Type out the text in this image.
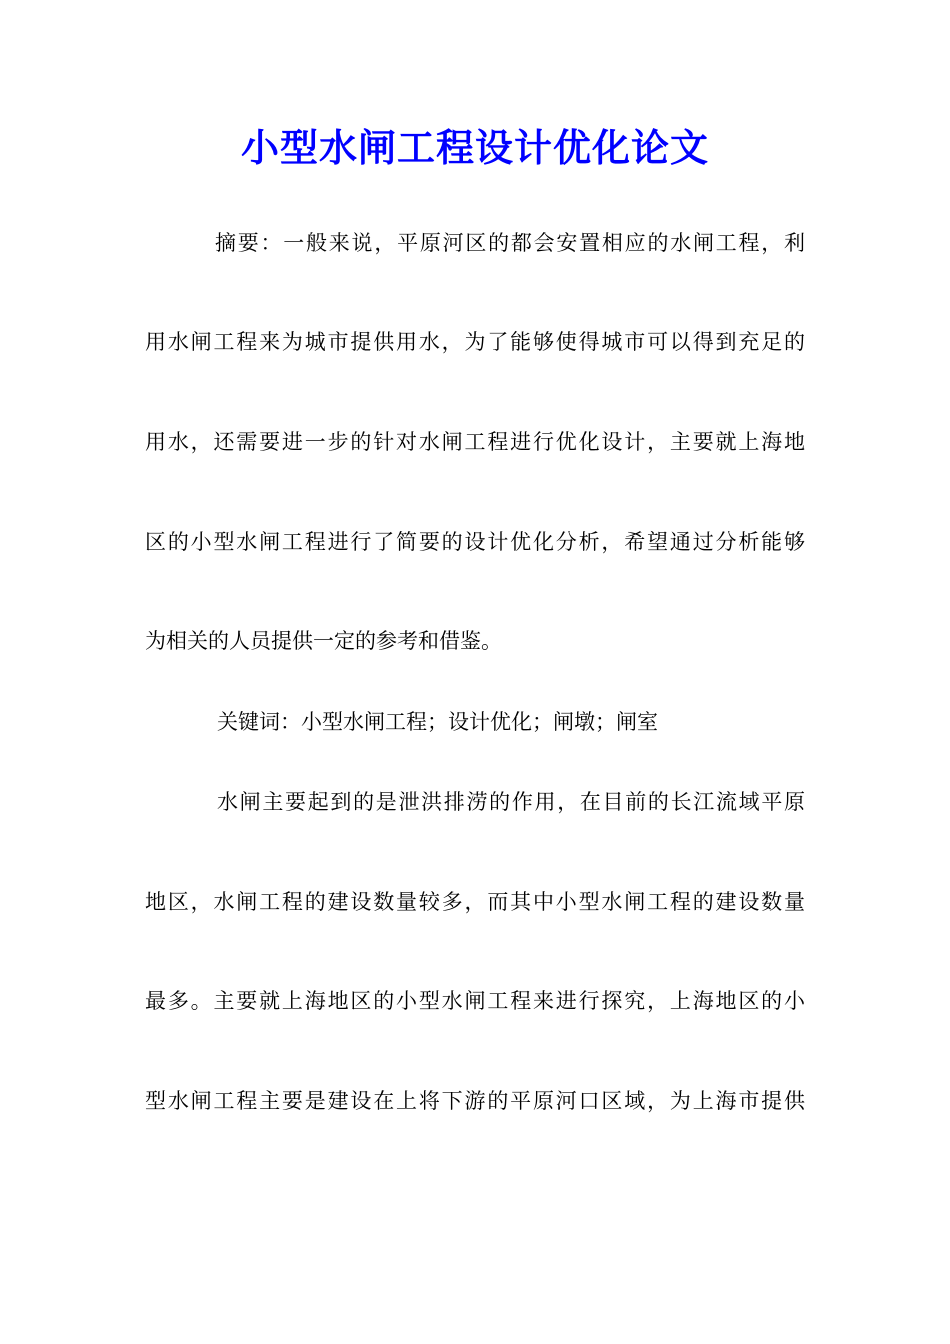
小型水闸工程设计优化论文

摘要：一般来说，平原河区的都会安置相应的水闸工程，利

用水闸工程来为城市提供用水，为了能够使得城市可以得到充足的

用水，还需要进一步的针对水闸工程进行优化设计，主要就上海地

区的小型水闸工程进行了简要的设计优化分析，希望通过分析能够

为相关的人员提供一定的参考和借鉴。

关键词：小型水闸工程；设计优化；闸墩；闸室

水闸主要起到的是泄洪排涝的作用，在目前的长江流域平原

地区，水闸工程的建设数量较多，而其中小型水闸工程的建设数量

最多。主要就上海地区的小型水闸工程来进行探究，上海地区的小

型水闸工程主要是建设在上将下游的平原河口区域，为上海市提供
